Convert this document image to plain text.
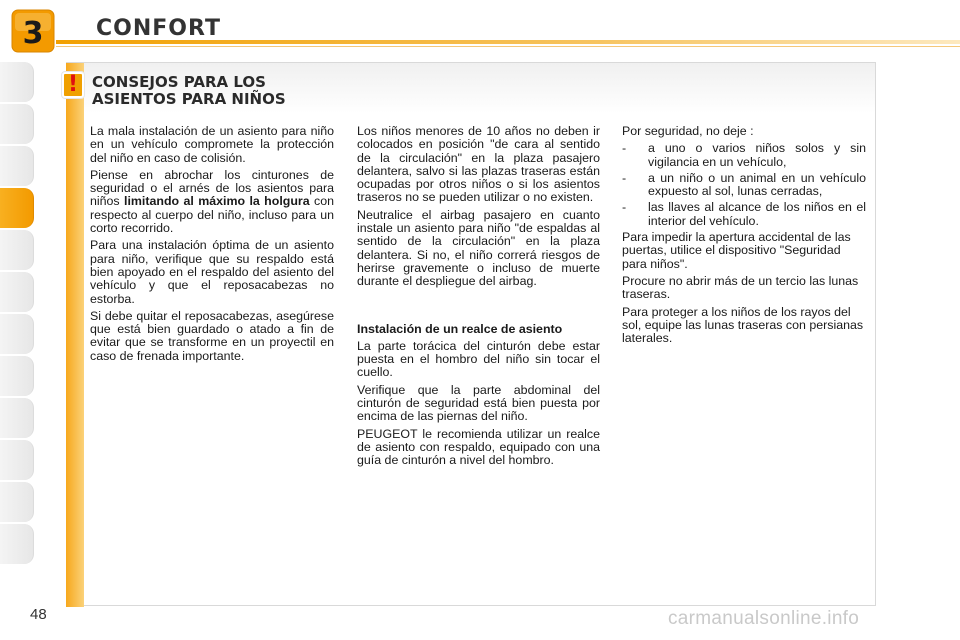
3 CONFORT
! CONSEJOS PARA LOS
ASIENTOS PARA NIÑOS

La mala instalación de un asiento para niño en un vehículo compromete la protección del niño en caso de colisión.

Piense en abrochar los cinturones de seguridad o el arnés de los asientos para niños limitando al máximo la holgura con respecto al cuerpo del niño, incluso para un corto recorrido.

Para una instalación óptima de un asiento para niño, verifique que su respaldo está bien apoyado en el respaldo del asiento del vehículo y que el reposacabezas no estorba.

Si debe quitar el reposacabezas, asegúrese que está bien guardado o atado a fin de evitar que se transforme en un proyectil en caso de frenada importante.

Los niños menores de 10 años no deben ir colocados en posición "de cara al sentido de la circulación" en la plaza pasajero delantera, salvo si las plazas traseras están ocupadas por otros niños o si los asientos traseros no se pueden utilizar o no existen.

Neutralice el airbag pasajero en cuanto instale un asiento para niño "de espaldas al sentido de la circulación" en la plaza delantera. Si no, el niño correrá riesgos de herirse gravemente o incluso de muerte durante el despliegue del airbag.

Instalación de un realce de asiento

La parte torácica del cinturón debe estar puesta en el hombro del niño sin tocar el cuello.

Verifique que la parte abdominal del cinturón de seguridad está bien puesta por encima de las piernas del niño.

PEUGEOT le recomienda utilizar un realce de asiento con respaldo, equipado con una guía de cinturón a nivel del hombro.

Por seguridad, no deje :

-	a uno o varios niños solos y sin vigilancia en un vehículo,
-	a un niño o un animal en un vehículo expuesto al sol, lunas cerradas,
-	las llaves al alcance de los niños en el interior del vehículo.

Para impedir la apertura accidental de las puertas, utilice el dispositivo "Seguridad para niños".

Procure no abrir más de un tercio las lunas traseras.

Para proteger a los niños de los rayos del sol, equipe las lunas traseras con persianas laterales.

48	carmanualsonline.info
